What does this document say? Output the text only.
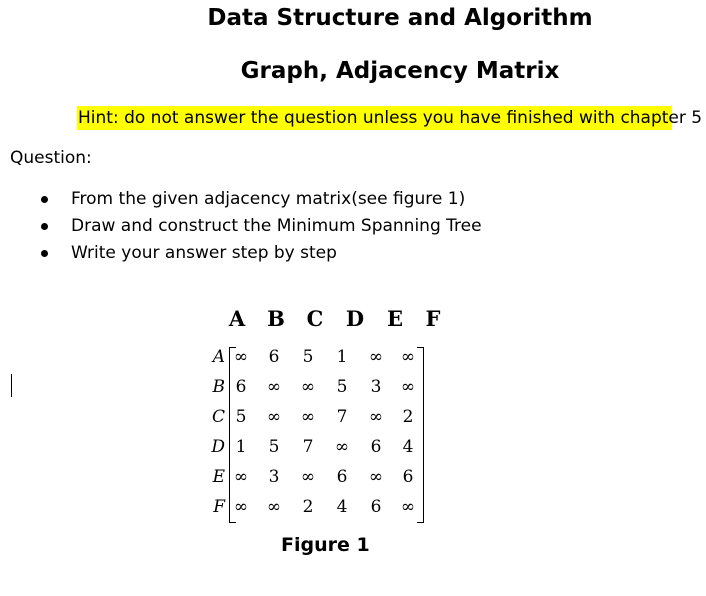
Data Structure and Algorithm
Graph, Adjacency Matrix
Hint: do not answer the question unless you have finished with chapter 5
Question:
From the given adjacency matrix(see figure 1)
Draw and construct the Minimum Spanning Tree
Write your answer step by step
A B C D E F
A ∞ 6 5 1 ∞ ∞
B 6 ∞ ∞ 5 3 ∞
C 5 ∞ ∞ 7 ∞ 2
D 1 5 7 ∞ 6 4
E ∞ 3 ∞ 6 ∞ 6
F ∞ ∞ 2 4 6 ∞
Figure 1
